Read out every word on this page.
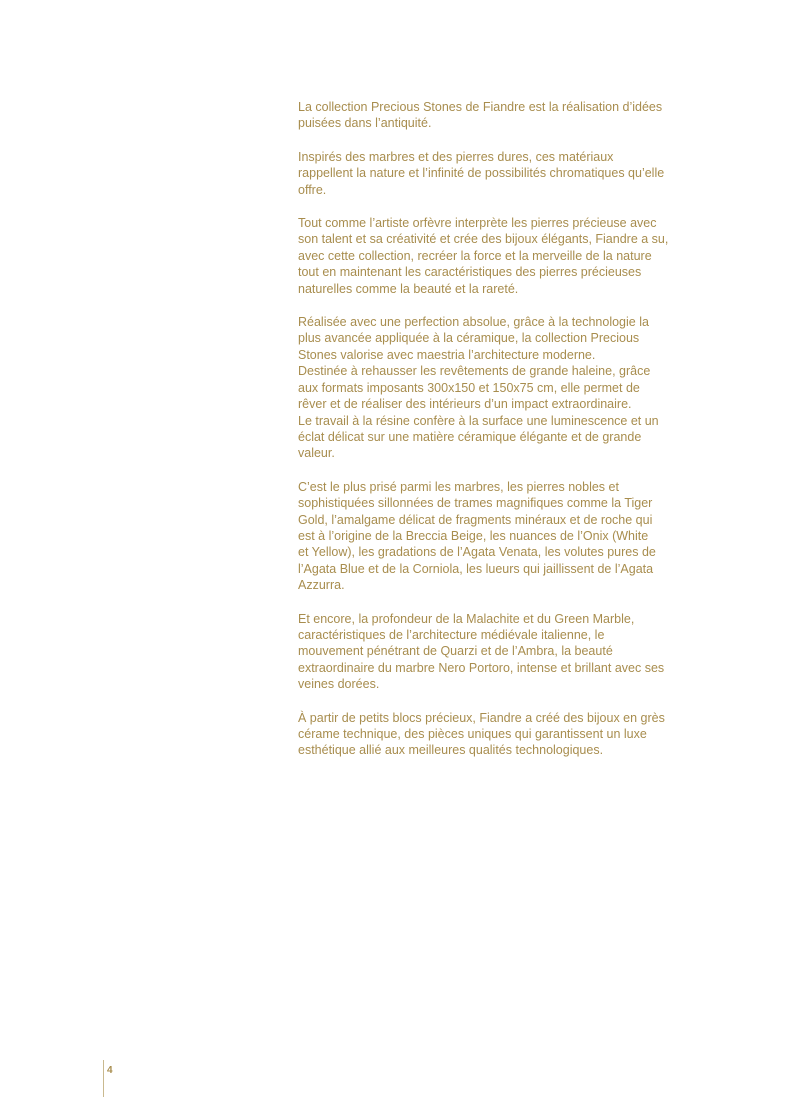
La collection Precious Stones de Fiandre est la réalisation d’idées
puisées dans l’antiquité.

Inspirés des marbres et des pierres dures, ces matériaux
rappellent la nature et l’infinité de possibilités chromatiques qu’elle
offre.

Tout comme l’artiste orfèvre interprète les pierres précieuse avec
son talent et sa créativité et crée des bijoux élégants, Fiandre a su,
avec cette collection, recréer la force et la merveille de la nature
tout en maintenant les caractéristiques des pierres précieuses
naturelles comme la beauté et la rareté.

Réalisée avec une perfection absolue, grâce à la technologie la
plus avancée appliquée à la céramique, la collection Precious
Stones valorise avec maestria l’architecture moderne.
Destinée à rehausser les revêtements de grande haleine, grâce
aux formats imposants 300x150 et 150x75 cm, elle permet de
rêver et de réaliser des intérieurs d’un impact extraordinaire.
Le travail à la résine confère à la surface une luminescence et un
éclat délicat sur une matière céramique élégante et de grande
valeur.

C’est le plus prisé parmi les marbres, les pierres nobles et
sophistiquées sillonnées de trames magnifiques comme la Tiger
Gold, l’amalgame délicat de fragments minéraux et de roche qui
est à l’origine de la Breccia Beige, les nuances de l’Onix (White
et Yellow), les gradations de l’Agata Venata, les volutes pures de
l’Agata Blue et de la Corniola, les lueurs qui jaillissent de l’Agata
Azzurra.

Et encore, la profondeur de la Malachite et du Green Marble,
caractéristiques de l’architecture médiévale italienne, le
mouvement pénétrant de Quarzi et de l’Ambra, la beauté
extraordinaire du marbre Nero Portoro, intense et brillant avec ses
veines dorées.

À partir de petits blocs précieux, Fiandre a créé des bijoux en grès
cérame technique, des pièces uniques qui garantissent un luxe
esthétique allié aux meilleures qualités technologiques.

4
